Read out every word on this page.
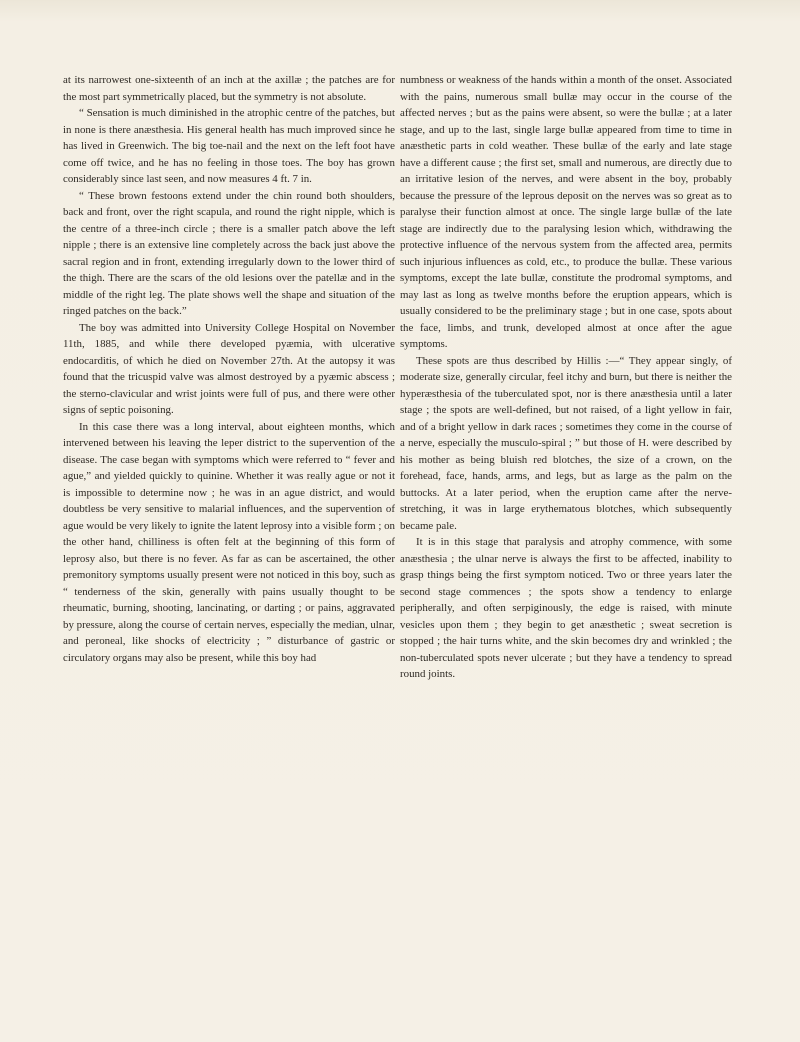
at its narrowest one-sixteenth of an inch at the axillæ ; the patches are for the most part symmetrically placed, but the symmetry is not absolute.

“ Sensation is much diminished in the atrophic centre of the patches, but in none is there anæsthesia. His general health has much improved since he has lived in Greenwich. The big toe-nail and the next on the left foot have come off twice, and he has no feeling in those toes. The boy has grown considerably since last seen, and now measures 4 ft. 7 in.

“ These brown festoons extend under the chin round both shoulders, back and front, over the right scapula, and round the right nipple, which is the centre of a three-inch circle ; there is a smaller patch above the left nipple ; there is an extensive line completely across the back just above the sacral region and in front, extending irregularly down to the lower third of the thigh. There are the scars of the old lesions over the patellæ and in the middle of the right leg. The plate shows well the shape and situation of the ringed patches on the back.”

The boy was admitted into University College Hospital on November 11th, 1885, and while there developed pyæmia, with ulcerative endocarditis, of which he died on November 27th. At the autopsy it was found that the tricuspid valve was almost destroyed by a pyæmic abscess ; the sterno-clavicular and wrist joints were full of pus, and there were other signs of septic poisoning.

In this case there was a long interval, about eighteen months, which intervened between his leaving the leper district to the supervention of the disease. The case began with symptoms which were referred to “ fever and ague,” and yielded quickly to quinine. Whether it was really ague or not it is impossible to determine now ; he was in an ague district, and would doubtless be very sensitive to malarial influences, and the supervention of ague would be very likely to ignite the latent leprosy into a visible form ; on the other hand, chilliness is often felt at the beginning of this form of leprosy also, but there is no fever. As far as can be ascertained, the other premonitory symptoms usually present were not noticed in this boy, such as “ tenderness of the skin, generally with pains usually thought to be rheumatic, burning, shooting, lancinating, or darting ; or pains, aggravated by pressure, along the course of certain nerves, especially the median, ulnar, and peroneal, like shocks of electricity ; ” disturbance of gastric or circulatory organs may also be present, while this boy had

numbness or weakness of the hands within a month of the onset. Associated with the pains, numerous small bullæ may occur in the course of the affected nerves ; but as the pains were absent, so were the bullæ ; at a later stage, and up to the last, single large bullæ appeared from time to time in anæsthetic parts in cold weather. These bullæ of the early and late stage have a different cause ; the first set, small and numerous, are directly due to an irritative lesion of the nerves, and were absent in the boy, probably because the pressure of the leprous deposit on the nerves was so great as to paralyse their function almost at once. The single large bullæ of the late stage are indirectly due to the paralysing lesion which, withdrawing the protective influence of the nervous system from the affected area, permits such injurious influences as cold, etc., to produce the bullæ. These various symptoms, except the late bullæ, constitute the prodromal symptoms, and may last as long as twelve months before the eruption appears, which is usually considered to be the preliminary stage ; but in one case, spots about the face, limbs, and trunk, developed almost at once after the ague symptoms.

These spots are thus described by Hillis :—“ They appear singly, of moderate size, generally circular, feel itchy and burn, but there is neither the hyperæsthesia of the tuberculated spot, nor is there anæsthesia until a later stage ; the spots are well-defined, but not raised, of a light yellow in fair, and of a bright yellow in dark races ; sometimes they come in the course of a nerve, especially the musculo-spiral ; ” but those of H. were described by his mother as being bluish red blotches, the size of a crown, on the forehead, face, hands, arms, and legs, but as large as the palm on the buttocks. At a later period, when the eruption came after the nerve-stretching, it was in large erythematous blotches, which subsequently became pale.

It is in this stage that paralysis and atrophy commence, with some anæsthesia ; the ulnar nerve is always the first to be affected, inability to grasp things being the first symptom noticed. Two or three years later the second stage commences ; the spots show a tendency to enlarge peripherally, and often serpiginously, the edge is raised, with minute vesicles upon them ; they begin to get anæsthetic ; sweat secretion is stopped ; the hair turns white, and the skin becomes dry and wrinkled ; the non-tuberculated spots never ulcerate ; but they have a tendency to spread round joints.
